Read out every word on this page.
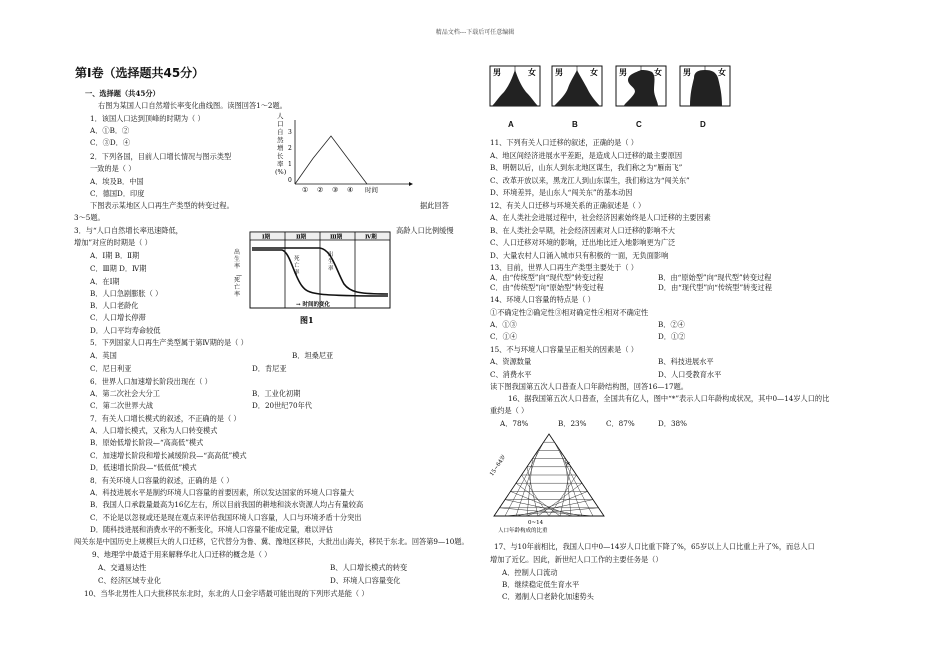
精品文档---下载后可任意编辑
第Ⅰ卷（选择题共45分）
一、选择题（共45分）
右图为某国人口自然增长率变化曲线图。读图回答1～2题。
1．该国人口达到顶峰的时期为（ ）
A．①B．②
C．③D．④
2．下列各国，目前人口增长情况与图示类型
一致的是（ ）
A．埃及B．中国
C．德国D．印度
下图表示某地区人口再生产类型的转变过程。	据此回答
3～5题。
3．与“人口自然增长率迅速降低，	高龄人口比例缓慢
增加”对应的时期是（ ）
A．Ⅰ期 B．Ⅱ期
C．Ⅲ期 D．Ⅳ期
A．在Ⅰ期
B．人口急剧膨胀（ ）
B．人口老龄化
C．人口增长停滞
D．人口平均寿命较低
5．下列国家人口再生产类型属于第Ⅳ期的是（ ）
A．英国	B．坦桑尼亚
C．尼日利亚	D．肯尼亚
6．世界人口加速增长阶段出现在（ ）
A．第二次社会大分工	B．工业化初期
C．第二次世界大战	D．20世纪70年代
7．有关人口增长模式的叙述，不正确的是（ ）
A．人口增长模式，又称为人口转变模式
B．原始低增长阶段—“高高低”模式
C．加速增长阶段和增长减缓阶段—“高高低”模式
D．低速增长阶段—“低低低”模式
8．有关环境人口容量的叙述，正确的是（ ）
A．科技进展水平是制约环境人口容量的首要因素，所以发达国家的环境人口容量大
B．我国人口承载量最高为16亿左右，所以目前我国的耕地和淡水资源人均占有量较高
C．不论是以忽视或还是现在观点来评估我国环境人口容量，人口与环境矛盾十分突出
D．随科技进展和消费水平的不断变化，环境人口容量不能成定量，难以评估
闯关东是中国历史上规模巨大的人口迁移，它代替分为鲁、冀、豫地区移民，大批出山海关，移民于东北。回答第9—10题。
9、地理学中最适于用来解释华北人口迁移的概念是（ ）
A、交通易达性	B、人口增长模式的转变
C、经济区域专业化	D、环境人口容量变化
10、当华北男性人口大批移民东北时，东北的人口金字塔最可能出现的下列形式是能（ ）
人口自然增长率(%)
3
2
1
0
① ② ③ ④ 时间
出生率
—
死亡率
Ⅰ期	Ⅱ期	Ⅲ期	Ⅳ期
出生率
死亡率
→ 时间的变化
图1
11、下列有关人口迁移的叙述，正确的是（ ）
A、地区间经济进展水平差距，是造成人口迁移的最主要原因
B、明朝以后，山东人到东北地区谋生，我们称之为“雁南飞”
C、改革开放以来，黑龙江人到山东谋生，我们称这为“闯关东”
D、环境差异，是山东人“闯关东”的基本动因
12、有关人口迁移与环境关系的正确叙述是（ ）
A、在人类社会进展过程中，社会经济因素始终是人口迁移的主要因素
B、在人类社会早期，社会经济因素对人口迁移的影响不大
C、人口迁移对环境的影响，迁出地比迁入地影响更为广泛
D、大量农村人口涌入城市只有积极的一面，无负面影响
13、目前，世界人口再生产类型主要处于（ ）
A．由“传统型”向“现代型”转变过程	B．由“原始型”向“现代型”转变过程
C．由“传统型”向“原始型”转变过程	D．由“现代型”向“传统型”转变过程
14、环境人口容量的特点是（ ）
①不确定性②确定性③相对确定性④相对不确定性
A．①③	B．②④
C．①④	D．①②
15、不与环境人口容量呈正相关的因素是（ ）
A、资源数量	B、科技进展水平
C、消费水平	D、人口受教育水平
读下图我国第五次人口普查人口年龄结构图，回答16—17题。
16、据我国第五次人口普查，全国共有亿人，图中“*”表示人口年龄构成状况，其中0—14岁人口的比
重约是（ ）
A．78%	B．23%	C．87%	D．38%
17、与10年前相比，我国人口中0—14岁人口比重下降了%，65岁以上人口比重上升了%，而总人口
增加了近亿。因此，新世纪人口工作的主要任务是（）
A．控制人口流动
B．继续稳定低生育水平
C．遏制人口老龄化加速势头
男	女 男	女	男	女	男	女
A	B	C	D
15~64岁
0~14
人口年龄构成的比重
*
